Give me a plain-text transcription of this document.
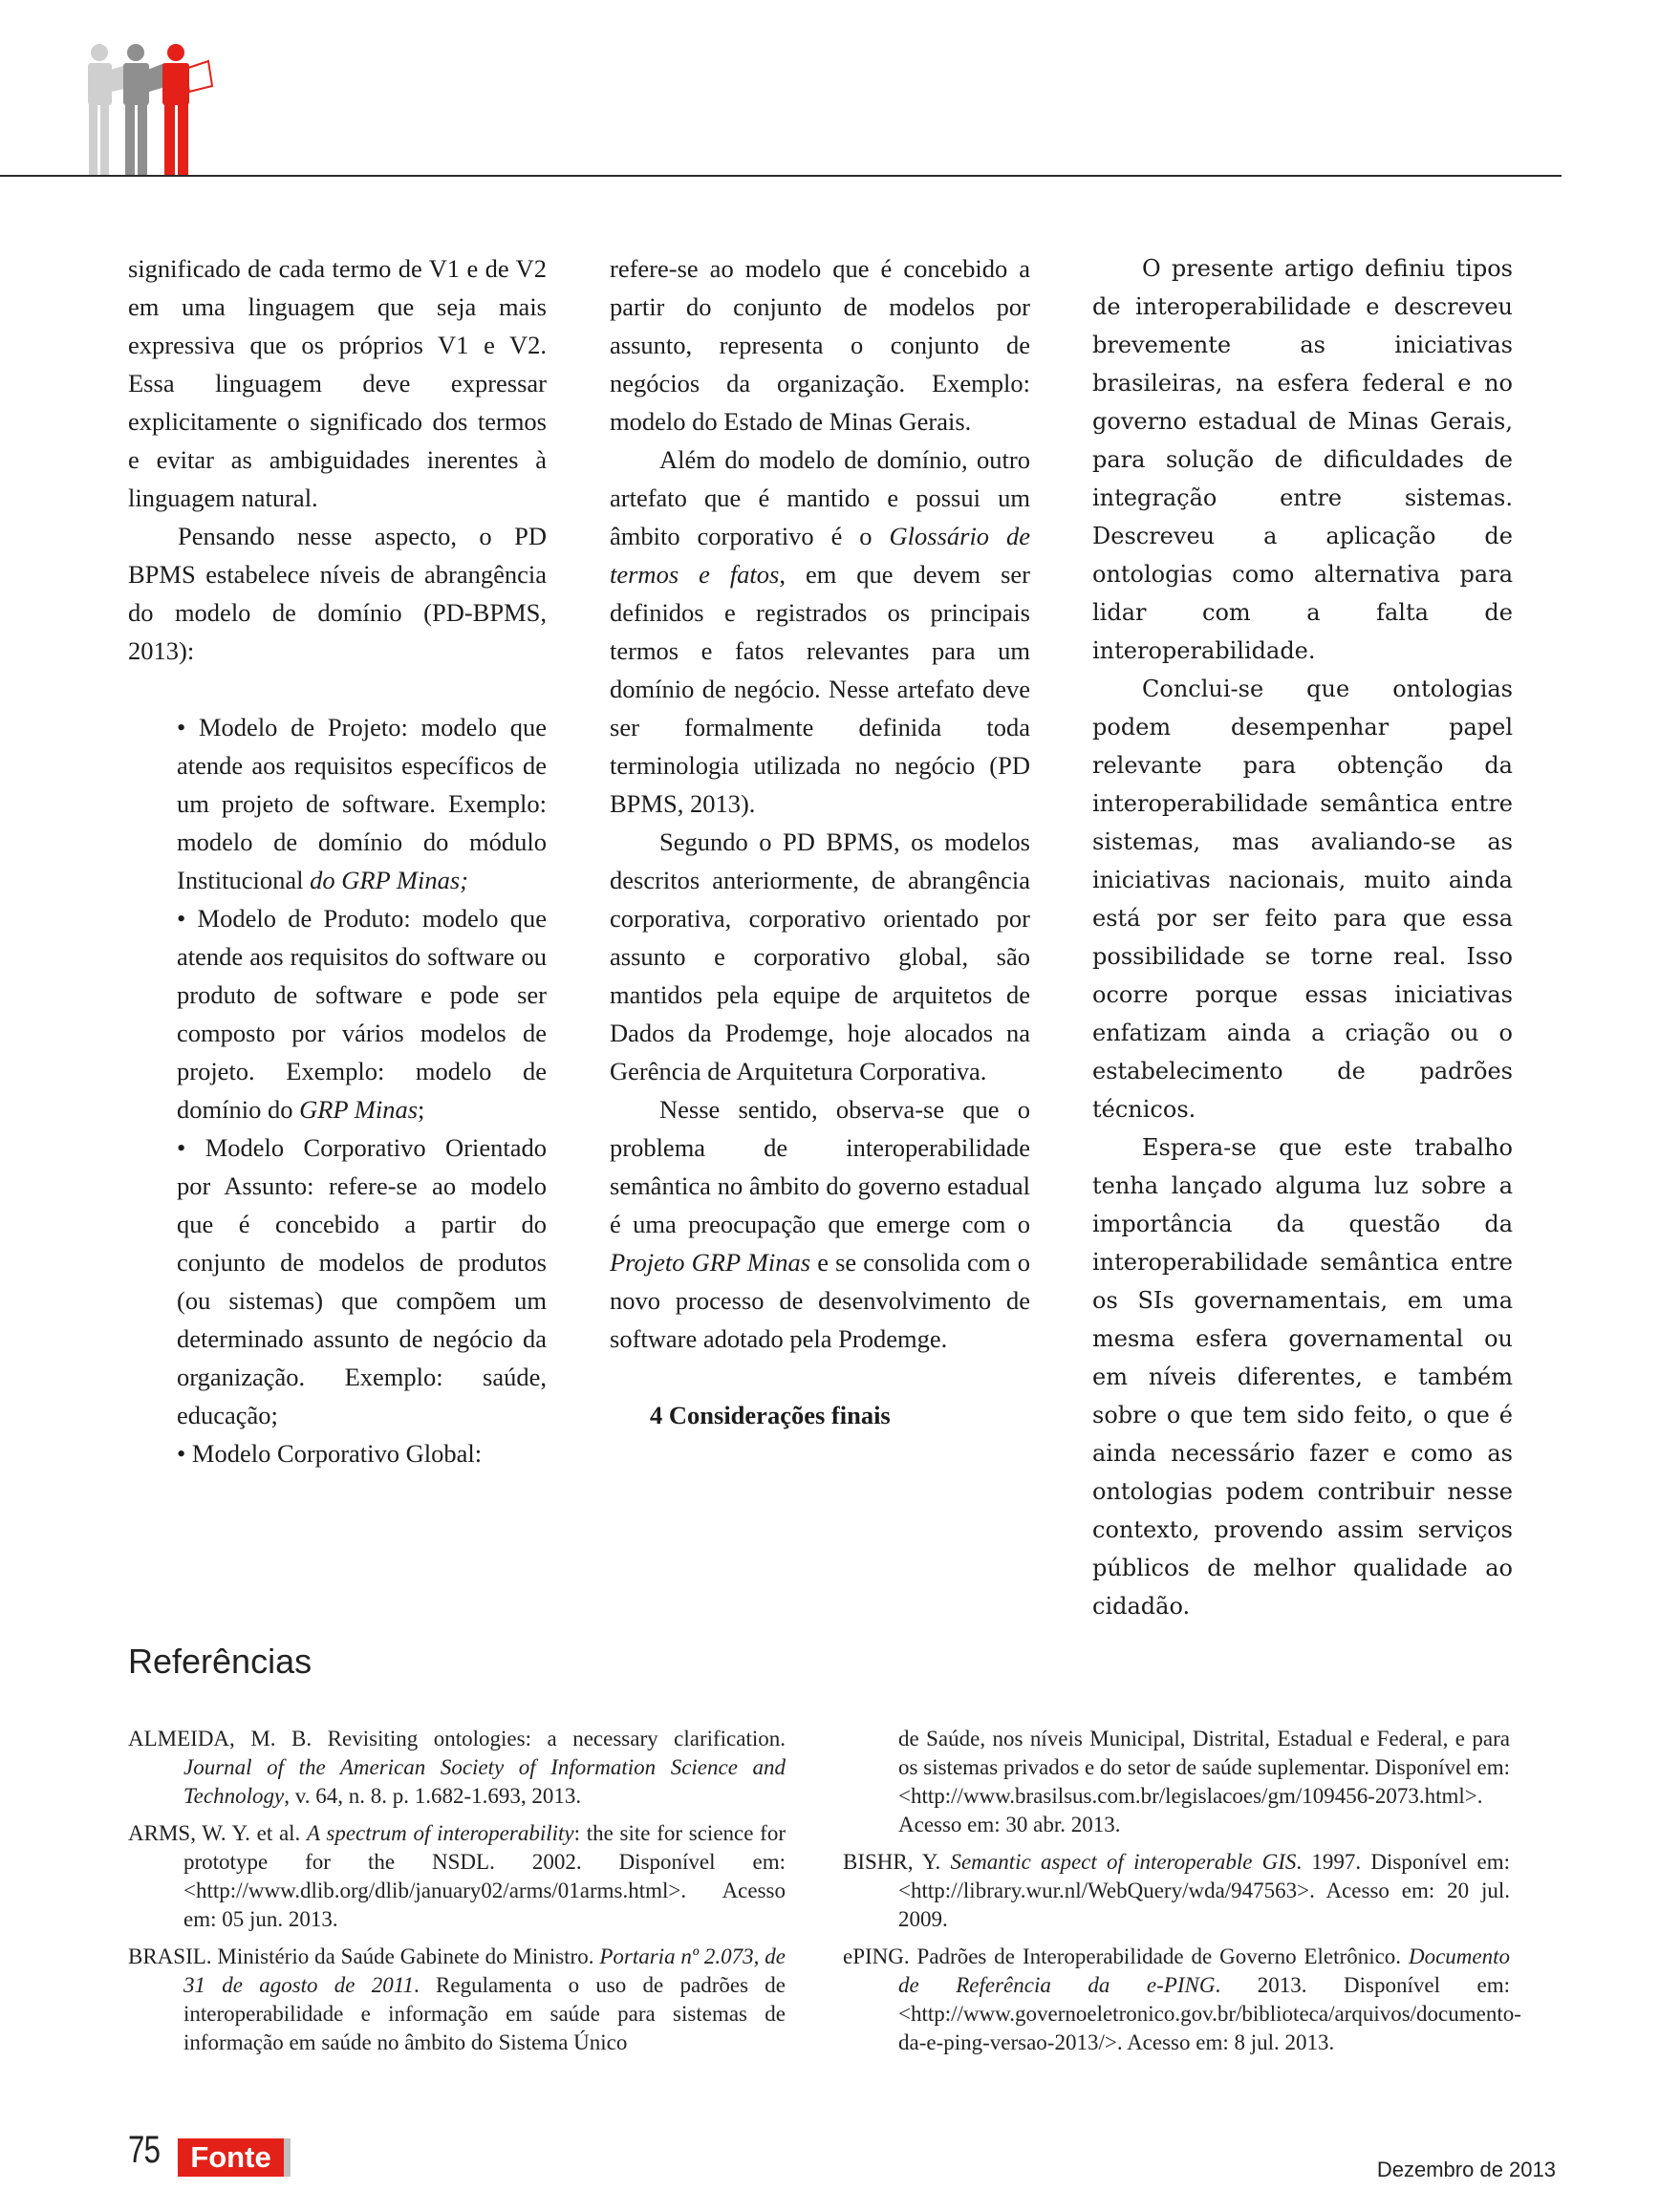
significado de cada termo de V1 e de V2 em uma linguagem que seja mais expressiva que os próprios V1 e V2. Essa linguagem deve expressar explicitamente o significado dos termos e evitar as ambiguidades inerentes à linguagem natural.

Pensando nesse aspecto, o PD BPMS estabelece níveis de abrangência do modelo de domínio (PD-BPMS, 2013):

• Modelo de Projeto: modelo que atende aos requisitos específicos de um projeto de software. Exemplo: modelo de domínio do módulo Institucional do GRP Minas;

• Modelo de Produto: modelo que atende aos requisitos do software ou produto de software e pode ser composto por vários modelos de projeto. Exemplo: modelo de domínio do GRP Minas;

• Modelo Corporativo Orientado por Assunto: refere-se ao modelo que é concebido a partir do conjunto de modelos de produtos (ou sistemas) que compõem um determinado assunto de negócio da organização. Exemplo: saúde, educação;

• Modelo Corporativo Global:

refere-se ao modelo que é concebido a partir do conjunto de modelos por assunto, representa o conjunto de negócios da organização. Exemplo: modelo do Estado de Minas Gerais.

Além do modelo de domínio, outro artefato que é mantido e possui um âmbito corporativo é o Glossário de termos e fatos, em que devem ser definidos e registrados os principais termos e fatos relevantes para um domínio de negócio. Nesse artefato deve ser formalmente definida toda terminologia utilizada no negócio (PD BPMS, 2013).

Segundo o PD BPMS, os modelos descritos anteriormente, de abrangência corporativa, corporativo orientado por assunto e corporativo global, são mantidos pela equipe de arquitetos de Dados da Prodemge, hoje alocados na Gerência de Arquitetura Corporativa.

Nesse sentido, observa-se que o problema de interoperabilidade semântica no âmbito do governo estadual é uma preocupação que emerge com o Projeto GRP Minas e se consolida com o novo processo de desenvolvimento de software adotado pela Prodemge.

4 Considerações finais

O presente artigo definiu tipos de interoperabilidade e descreveu brevemente as iniciativas brasileiras, na esfera federal e no governo estadual de Minas Gerais, para solução de dificuldades de integração entre sistemas. Descreveu a aplicação de ontologias como alternativa para lidar com a falta de interoperabilidade.

Conclui-se que ontologias podem desempenhar papel relevante para obtenção da interoperabilidade semântica entre sistemas, mas avaliando-se as iniciativas nacionais, muito ainda está por ser feito para que essa possibilidade se torne real. Isso ocorre porque essas iniciativas enfatizam ainda a criação ou o estabelecimento de padrões técnicos.

Espera-se que este trabalho tenha lançado alguma luz sobre a importância da questão da interoperabilidade semântica entre os SIs governamentais, em uma mesma esfera governamental ou em níveis diferentes, e também sobre o que tem sido feito, o que é ainda necessário fazer e como as ontologias podem contribuir nesse contexto, provendo assim serviços públicos de melhor qualidade ao cidadão.

Referências

ALMEIDA, M. B. Revisiting ontologies: a necessary clarification. Journal of the American Society of Information Science and Technology, v. 64, n. 8. p. 1.682-1.693, 2013.

ARMS, W. Y. et al. A spectrum of interoperability: the site for science for prototype for the NSDL. 2002. Disponível em: <http://www.dlib.org/dlib/january02/arms/01arms.html>. Acesso em: 05 jun. 2013.

BRASIL. Ministério da Saúde Gabinete do Ministro. Portaria nº 2.073, de 31 de agosto de 2011. Regulamenta o uso de padrões de interoperabilidade e informação em saúde para sistemas de informação em saúde no âmbito do Sistema Único

de Saúde, nos níveis Municipal, Distrital, Estadual e Federal, e para os sistemas privados e do setor de saúde suplementar. Disponível em: <http://www.brasilsus.com.br/legislacoes/gm/109456-2073.html>. Acesso em: 30 abr. 2013.

BISHR, Y. Semantic aspect of interoperable GIS. 1997. Disponível em: <http://library.wur.nl/WebQuery/wda/947563>. Acesso em: 20 jul. 2009.

ePING. Padrões de Interoperabilidade de Governo Eletrônico. Documento de Referência da e-PING. 2013. Disponível em: <http://www.governoeletronico.gov.br/biblioteca/arquivos/documento-da-e-ping-versao-2013/>. Acesso em: 8 jul. 2013.

75	Fonte	Dezembro de 2013
